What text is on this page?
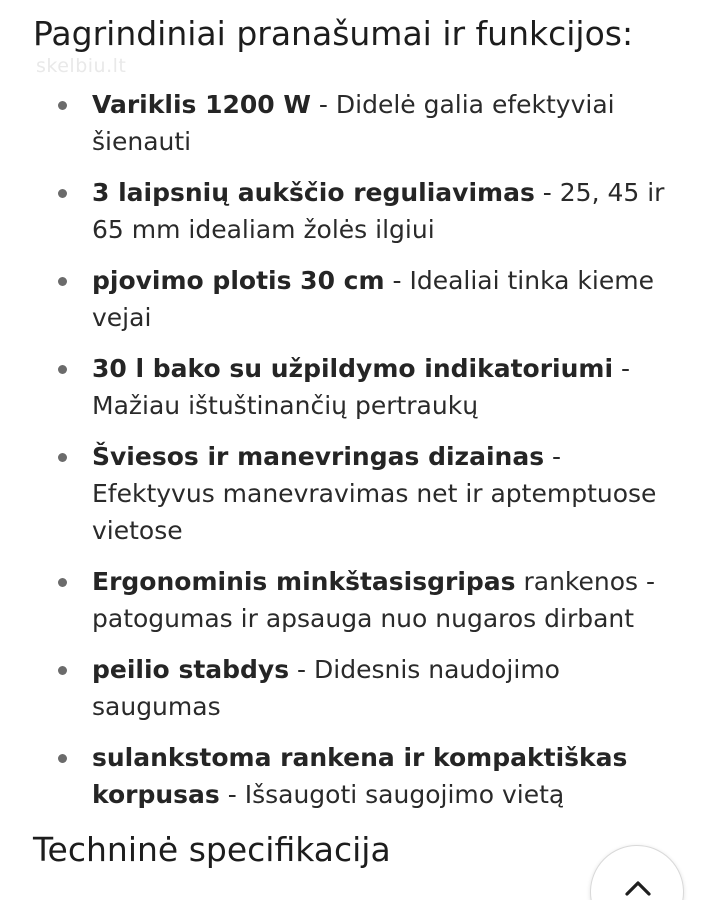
Pagrindiniai pranašumai ir funkcijos:
skelbiu.lt
Variklis 1200 W - Didelė galia efektyviai šienauti
3 laipsnių aukščio reguliavimas - 25, 45 ir 65 mm idealiam žolės ilgiui
pjovimo plotis 30 cm - Idealiai tinka kieme vejai
30 l bako su užpildymo indikatoriumi - Mažiau ištuštinančių pertraukų
Šviesos ir manevringas dizainas - Efektyvus manevravimas net ir aptemptuose vietose
Ergonominis minkštasisgripas rankenos - patogumas ir apsauga nuo nugaros dirbant
peilio stabdys - Didesnis naudojimo saugumas
sulankstoma rankena ir kompaktiškas korpusas - Išsaugoti saugojimo vietą
Techninė specifikacija
